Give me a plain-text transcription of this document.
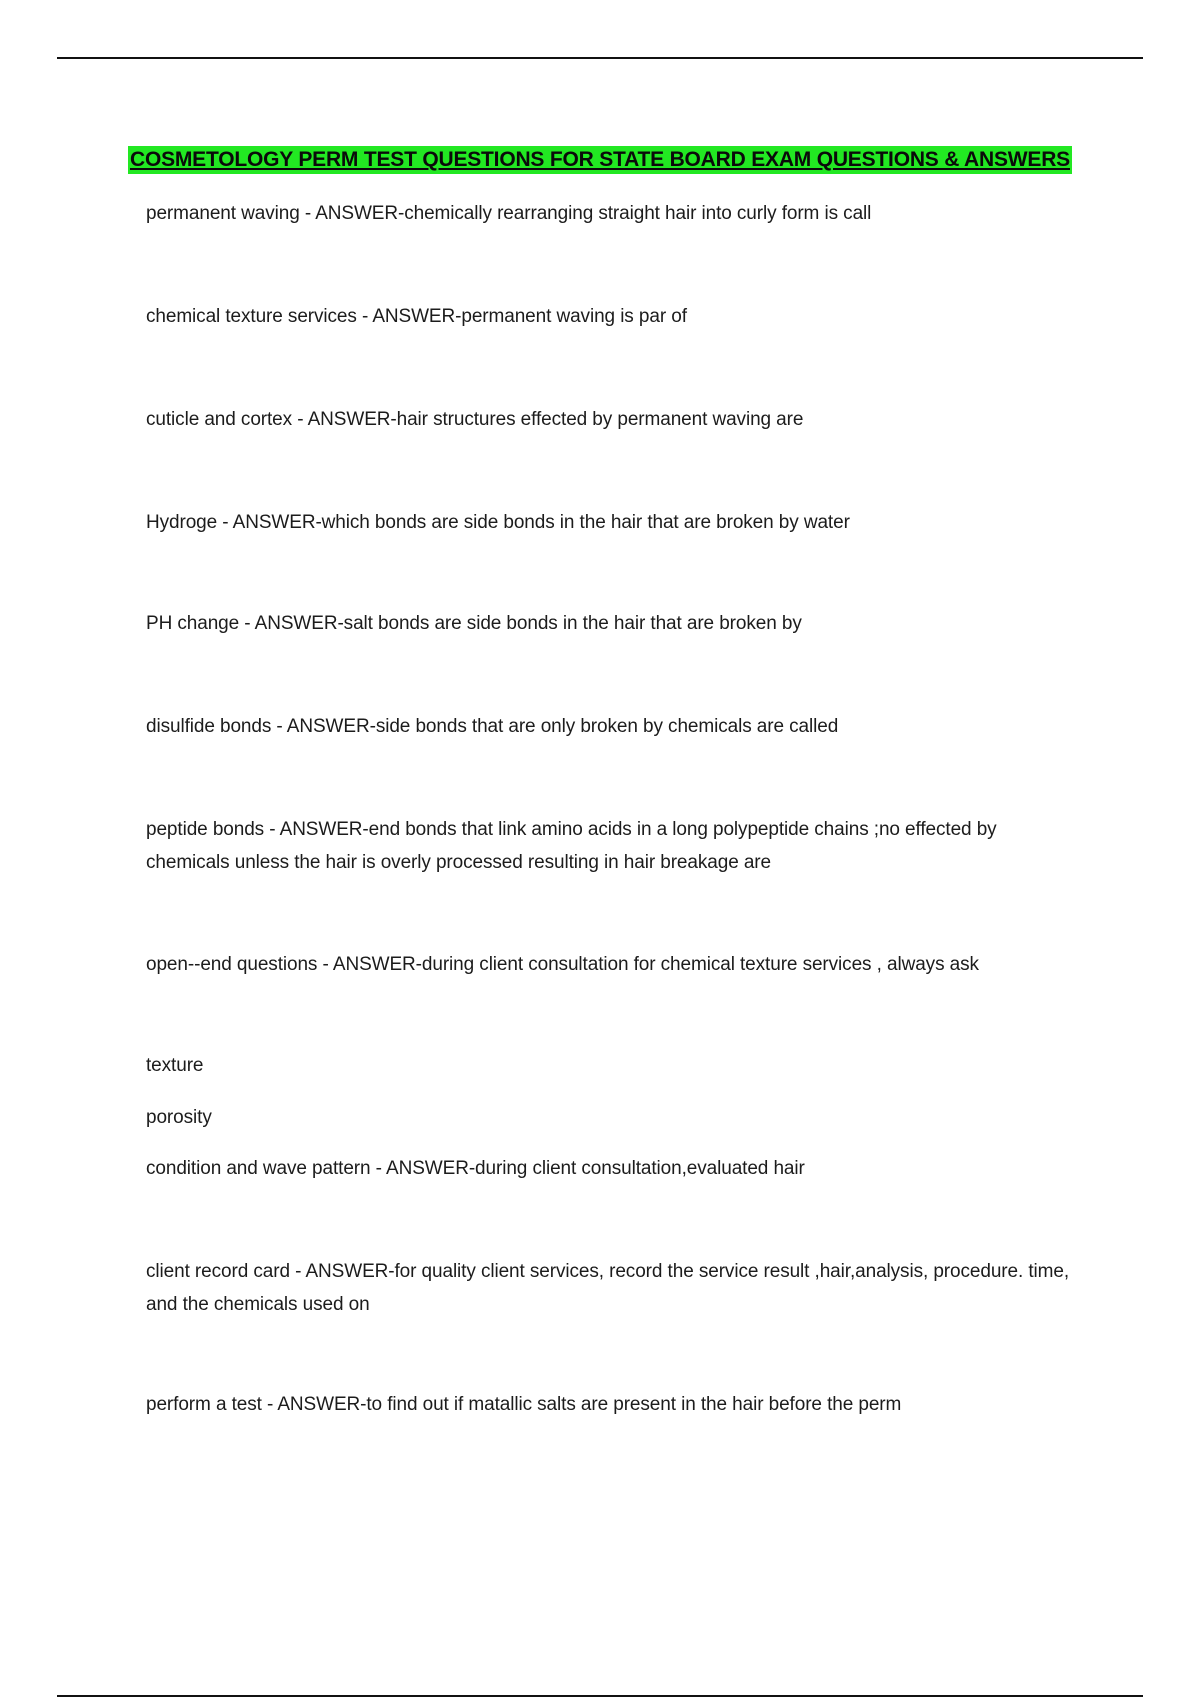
COSMETOLOGY PERM TEST QUESTIONS FOR STATE BOARD EXAM QUESTIONS & ANSWERS
permanent waving - ANSWER-chemically rearranging straight hair into curly form is call
chemical texture services - ANSWER-permanent waving is par of
cuticle and cortex - ANSWER-hair structures effected by permanent waving are
Hydroge - ANSWER-which bonds are side bonds in the hair that are broken by water
PH change - ANSWER-salt bonds are side bonds in the hair that are broken by
disulfide bonds - ANSWER-side bonds that are only broken by chemicals are called
peptide bonds - ANSWER-end bonds that link amino acids in a long polypeptide chains ;no effected by chemicals unless the hair is overly processed resulting in hair breakage are
open--end questions - ANSWER-during client consultation for chemical texture services , always ask
texture
porosity
condition and wave pattern - ANSWER-during client consultation,evaluated hair
client record card - ANSWER-for quality client services, record the service result ,hair,analysis, procedure. time, and the chemicals used on
perform a test - ANSWER-to find out if matallic salts are present in the hair before the perm
